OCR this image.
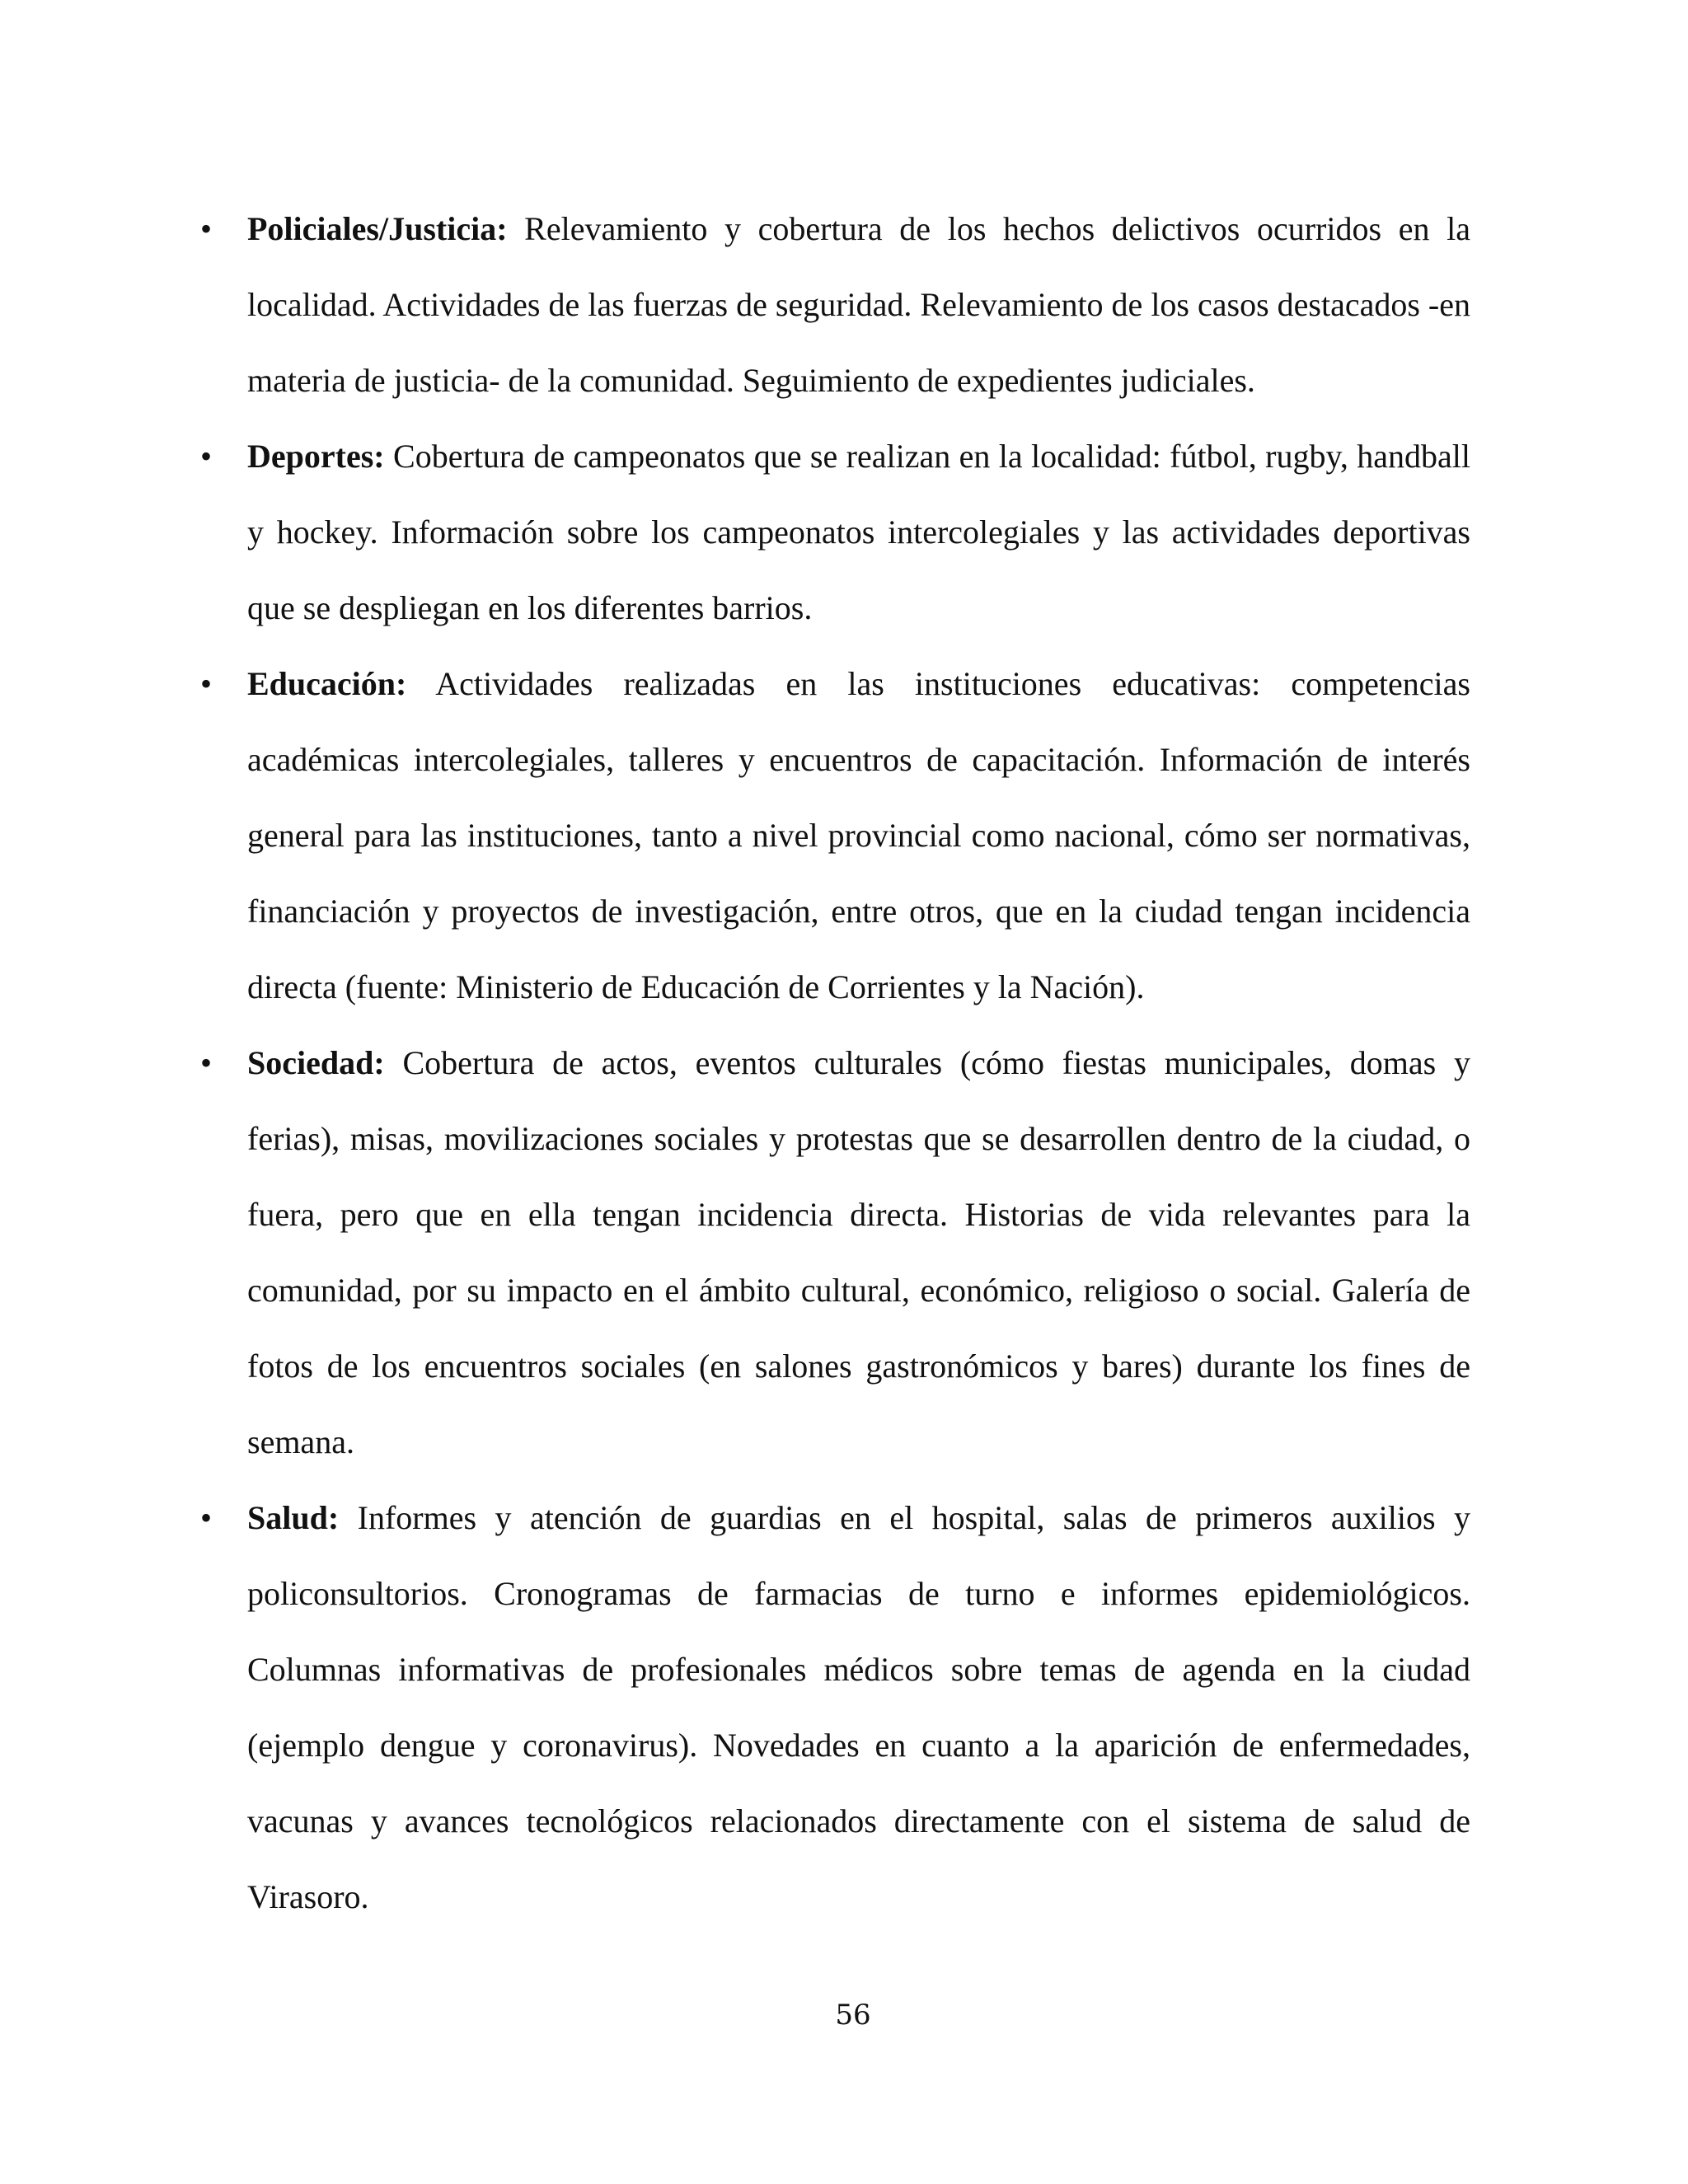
• Policiales/Justicia: Relevamiento y cobertura de los hechos delictivos ocurridos en la localidad. Actividades de las fuerzas de seguridad. Relevamiento de los casos destacados -en materia de justicia- de la comunidad. Seguimiento de expedientes judiciales.
• Deportes: Cobertura de campeonatos que se realizan en la localidad: fútbol, rugby, handball y hockey. Información sobre los campeonatos intercolegiales y las actividades deportivas que se despliegan en los diferentes barrios.
• Educación: Actividades realizadas en las instituciones educativas: competencias académicas intercolegiales, talleres y encuentros de capacitación. Información de interés general para las instituciones, tanto a nivel provincial como nacional, cómo ser normativas, financiación y proyectos de investigación, entre otros, que en la ciudad tengan incidencia directa (fuente: Ministerio de Educación de Corrientes y la Nación).
• Sociedad: Cobertura de actos, eventos culturales (cómo fiestas municipales, domas y ferias), misas, movilizaciones sociales y protestas que se desarrollen dentro de la ciudad, o fuera, pero que en ella tengan incidencia directa. Historias de vida relevantes para la comunidad, por su impacto en el ámbito cultural, económico, religioso o social. Galería de fotos de los encuentros sociales (en salones gastronómicos y bares) durante los fines de semana.
• Salud: Informes y atención de guardias en el hospital, salas de primeros auxilios y policonsultorios. Cronogramas de farmacias de turno e informes epidemiológicos. Columnas informativas de profesionales médicos sobre temas de agenda en la ciudad (ejemplo dengue y coronavirus). Novedades en cuanto a la aparición de enfermedades, vacunas y avances tecnológicos relacionados directamente con el sistema de salud de Virasoro.
56
